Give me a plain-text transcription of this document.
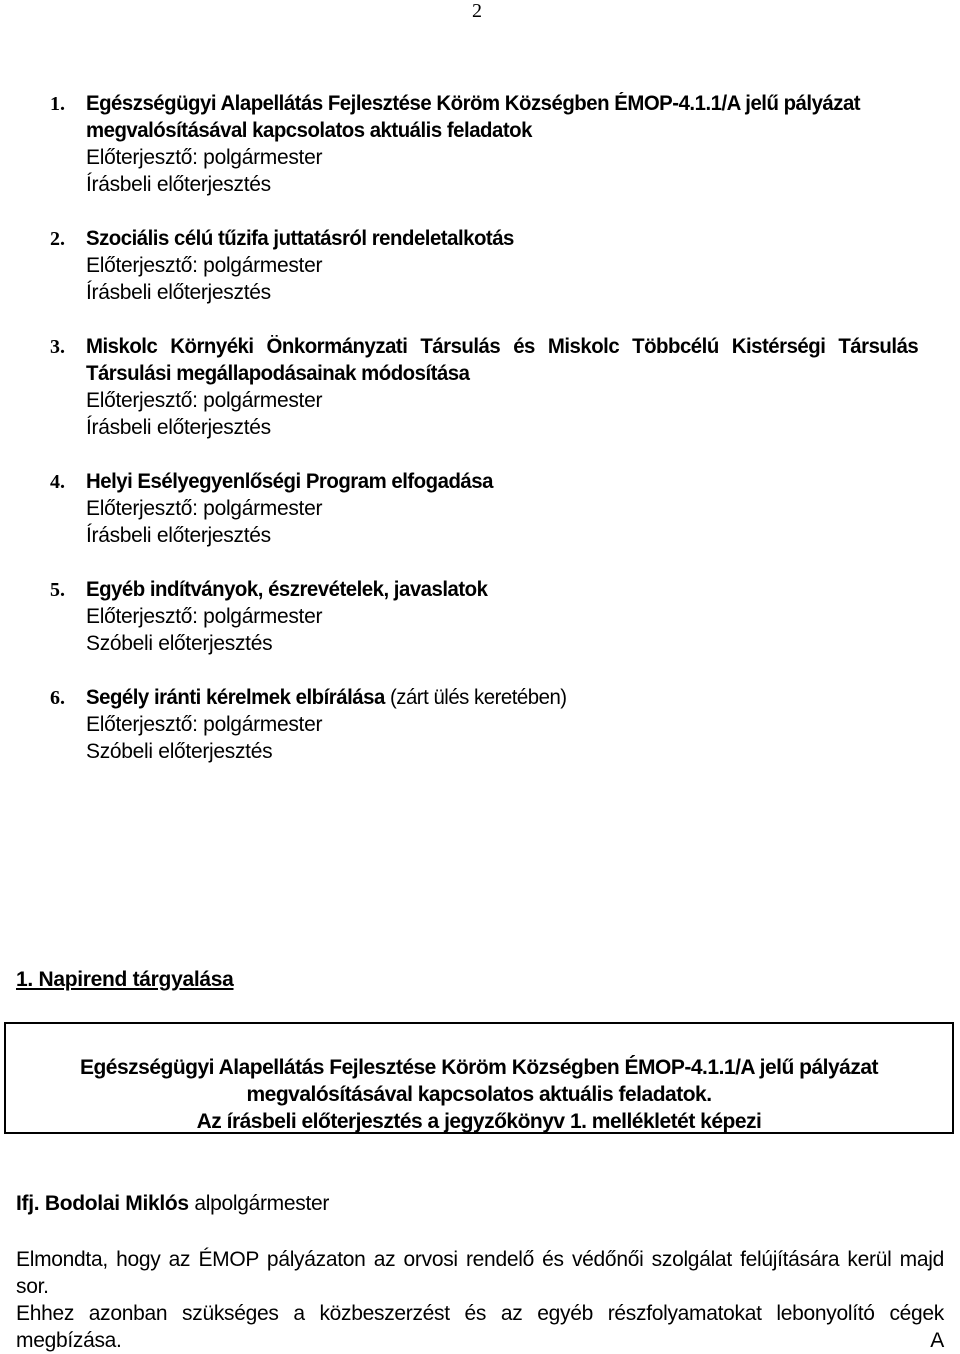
2
1. Egészségügyi Alapellátás Fejlesztése Köröm Községben ÉMOP-4.1.1/A jelű pályázat
megvalósításával kapcsolatos aktuális feladatok
Előterjesztő: polgármester
Írásbeli előterjesztés
2. Szociális célú tűzifa juttatásról rendeletalkotás
Előterjesztő: polgármester
Írásbeli előterjesztés
3. Miskolc Környéki Önkormányzati Társulás és Miskolc Többcélú Kistérségi Társulás
Társulási megállapodásainak módosítása
Előterjesztő: polgármester
Írásbeli előterjesztés
4. Helyi Esélyegyenlőségi Program elfogadása
Előterjesztő: polgármester
Írásbeli előterjesztés
5. Egyéb indítványok, észrevételek, javaslatok
Előterjesztő: polgármester
Szóbeli előterjesztés
6. Segély iránti kérelmek elbírálása (zárt ülés keretében)
Előterjesztő: polgármester
Szóbeli előterjesztés
1. Napirend tárgyalása
Egészségügyi Alapellátás Fejlesztése Köröm Községben ÉMOP-4.1.1/A jelű pályázat
megvalósításával kapcsolatos aktuális feladatok.
Az írásbeli előterjesztés a jegyzőkönyv 1. mellékletét képezi
Ifj. Bodolai Miklós alpolgármester
Elmondta, hogy az ÉMOP pályázaton az orvosi rendelő és védőnői szolgálat felújítására kerül majd sor.
Ehhez azonban szükséges a közbeszerzést és az egyéb részfolyamatokat lebonyolító cégek megbízása. A
